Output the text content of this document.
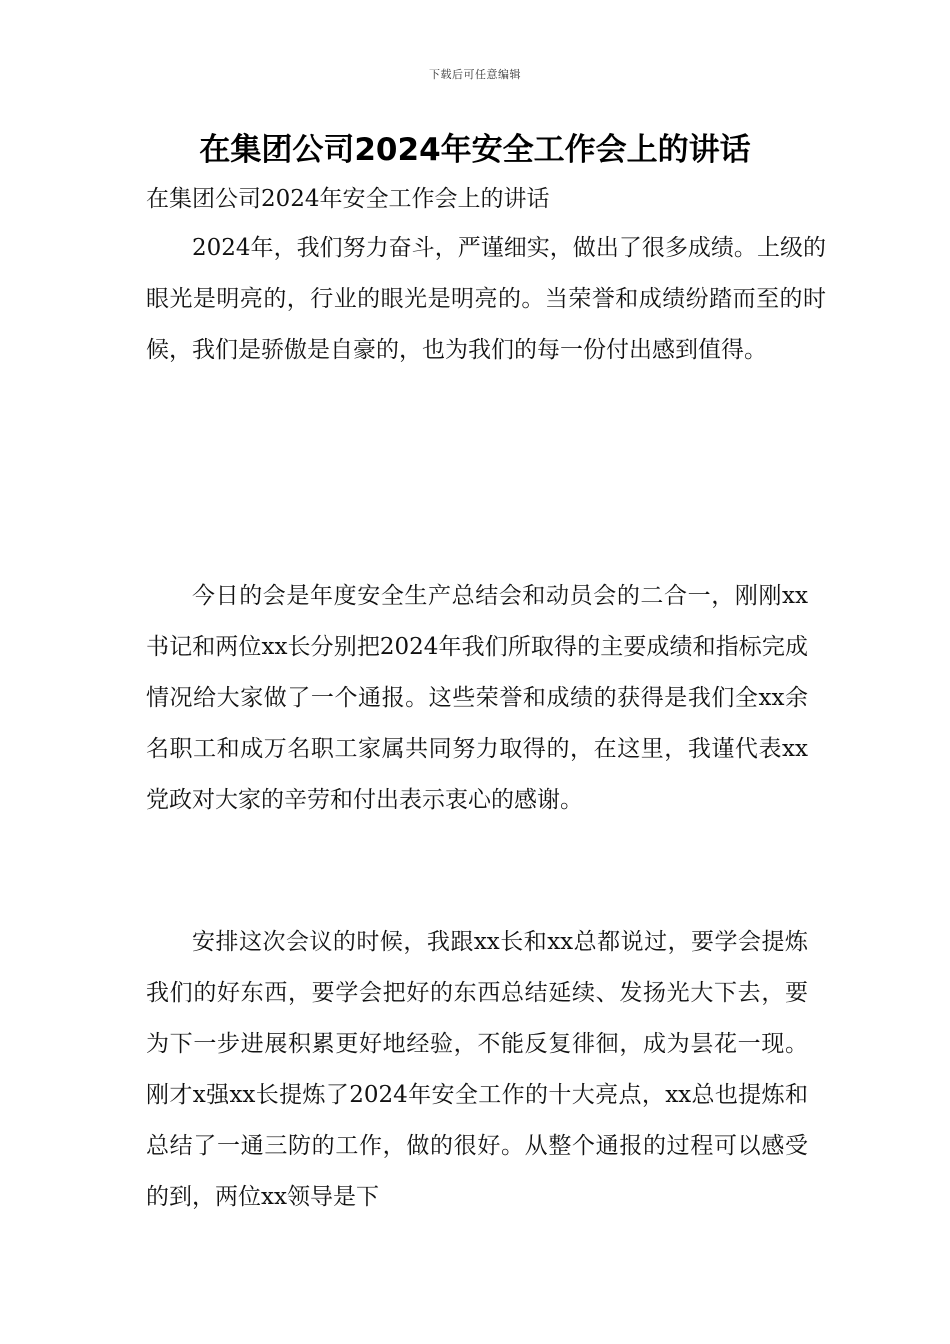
下载后可任意编辑
在集团公司2024年安全工作会上的讲话

在集团公司2024年安全工作会上的讲话

2024年，我们努力奋斗，严谨细实，做出了很多成绩。上级的眼光是明亮的，行业的眼光是明亮的。当荣誉和成绩纷踏而至的时候，我们是骄傲是自豪的，也为我们的每一份付出感到值得。

今日的会是年度安全生产总结会和动员会的二合一，刚刚xx书记和两位xx长分别把2024年我们所取得的主要成绩和指标完成情况给大家做了一个通报。这些荣誉和成绩的获得是我们全xx余名职工和成万名职工家属共同努力取得的，在这里，我谨代表xx党政对大家的辛劳和付出表示衷心的感谢。

安排这次会议的时候，我跟xx长和xx总都说过，要学会提炼我们的好东西，要学会把好的东西总结延续、发扬光大下去，要为下一步进展积累更好地经验，不能反复徘徊，成为昙花一现。刚才x强xx长提炼了2024年安全工作的十大亮点，xx总也提炼和总结了一通三防的工作，做的很好。从整个通报的过程可以感受的到，两位xx领导是下
